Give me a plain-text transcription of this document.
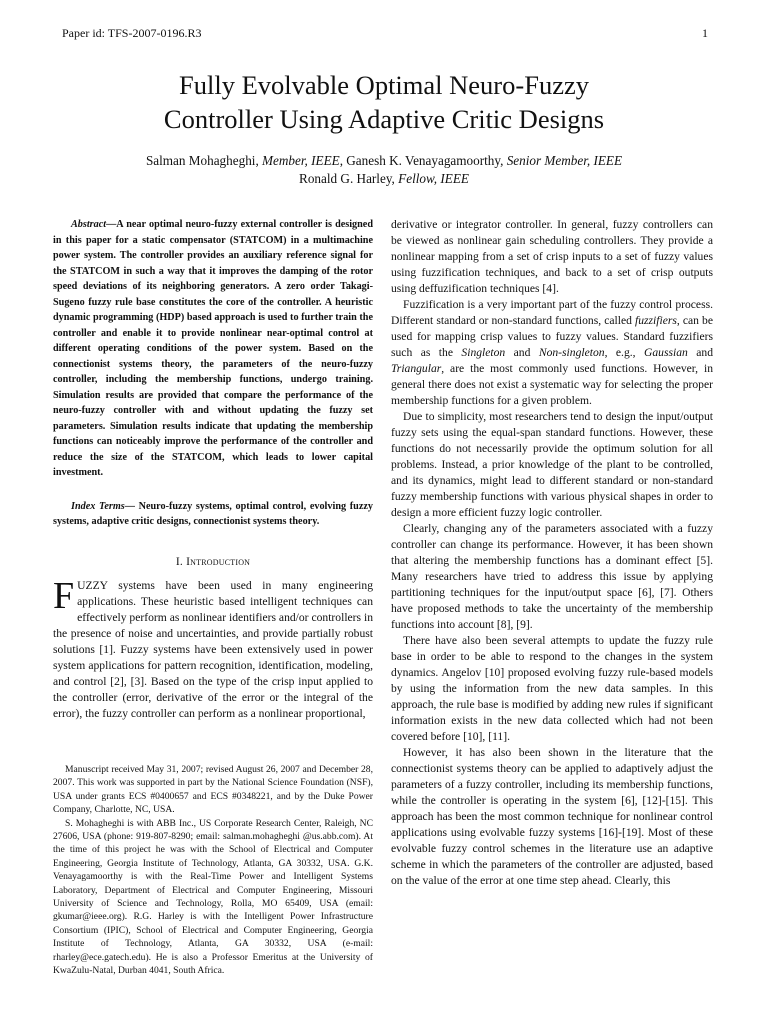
Paper id: TFS-2007-0196.R3	1
Fully Evolvable Optimal Neuro-Fuzzy
Controller Using Adaptive Critic Designs
Salman Mohagheghi, Member, IEEE, Ganesh K. Venayagamoorthy, Senior Member, IEEE
Ronald G. Harley, Fellow, IEEE

Abstract—A near optimal neuro-fuzzy external controller is designed in this paper for a static compensator (STATCOM) in a multimachine power system. The controller provides an auxiliary reference signal for the STATCOM in such a way that it improves the damping of the rotor speed deviations of its neighboring generators. A zero order Takagi-Sugeno fuzzy rule base constitutes the core of the controller. A heuristic dynamic programming (HDP) based approach is used to further train the controller and enable it to provide nonlinear near-optimal control at different operating conditions of the power system. Based on the connectionist systems theory, the parameters of the neuro-fuzzy controller, including the membership functions, undergo training. Simulation results are provided that compare the performance of the neuro-fuzzy controller with and without updating the fuzzy set parameters. Simulation results indicate that updating the membership functions can noticeably improve the performance of the controller and reduce the size of the STATCOM, which leads to lower capital investment.

Index Terms— Neuro-fuzzy systems, optimal control, evolving fuzzy systems, adaptive critic designs, connectionist systems theory.

I. Introduction

FUZZY systems have been used in many engineering applications. These heuristic based intelligent techniques can effectively perform as nonlinear identifiers and/or controllers in the presence of noise and uncertainties, and provide partially robust solutions [1]. Fuzzy systems have been extensively used in power system applications for pattern recognition, identification, modeling, and control [2], [3]. Based on the type of the crisp input applied to the controller (error, derivative of the error or the integral of the error), the fuzzy controller can perform as a nonlinear proportional,

Manuscript received May 31, 2007; revised August 26, 2007 and December 28, 2007. This work was supported in part by the National Science Foundation (NSF), USA under grants ECS #0400657 and ECS #0348221, and by the Duke Power Company, Charlotte, NC, USA.

S. Mohagheghi is with ABB Inc., US Corporate Research Center, Raleigh, NC 27606, USA (phone: 919-807-8290; email: salman.mohagheghi @us.abb.com). At the time of this project he was with the School of Electrical and Computer Engineering, Georgia Institute of Technology, Atlanta, GA 30332, USA. G.K. Venayagamoorthy is with the Real-Time Power and Intelligent Systems Laboratory, Department of Electrical and Computer Engineering, Missouri University of Science and Technology, Rolla, MO 65409, USA (email: gkumar@ieee.org). R.G. Harley is with the Intelligent Power Infrastructure Consortium (IPIC), School of Electrical and Computer Engineering, Georgia Institute of Technology, Atlanta, GA 30332, USA (e-mail: rharley@ece.gatech.edu). He is also a Professor Emeritus at the University of KwaZulu-Natal, Durban 4041, South Africa.

derivative or integrator controller. In general, fuzzy controllers can be viewed as nonlinear gain scheduling controllers. They provide a nonlinear mapping from a set of crisp inputs to a set of fuzzy values using fuzzification techniques, and back to a set of crisp outputs using deffuzification techniques [4].

Fuzzification is a very important part of the fuzzy control process. Different standard or non-standard functions, called fuzzifiers, can be used for mapping crisp values to fuzzy values. Standard fuzzifiers such as the Singleton and Non-singleton, e.g., Gaussian and Triangular, are the most commonly used functions. However, in general there does not exist a systematic way for selecting the proper membership functions for a given problem.

Due to simplicity, most researchers tend to design the input/output fuzzy sets using the equal-span standard functions. However, these functions do not necessarily provide the optimum solution for all problems. Instead, a prior knowledge of the plant to be controlled, and its dynamics, might lead to different standard or non-standard fuzzy membership functions with various physical shapes in order to design a more efficient fuzzy logic controller.

Clearly, changing any of the parameters associated with a fuzzy controller can change its performance. However, it has been shown that altering the membership functions has a dominant effect [5]. Many researchers have tried to address this issue by applying partitioning techniques for the input/output space [6], [7]. Others have proposed methods to take the uncertainty of the membership functions into account [8], [9].

There have also been several attempts to update the fuzzy rule base in order to be able to respond to the changes in the system dynamics. Angelov [10] proposed evolving fuzzy rule-based models by using the information from the new data samples. In this approach, the rule base is modified by adding new rules if significant information exists in the new data collected which had not been covered before [10], [11].

However, it has also been shown in the literature that the connectionist systems theory can be applied to adaptively adjust the parameters of a fuzzy controller, including its membership functions, while the controller is operating in the system [6], [12]-[15]. This approach has been the most common technique for nonlinear control applications using evolvable fuzzy systems [16]-[19]. Most of these evolvable fuzzy control schemes in the literature use an adaptive scheme in which the parameters of the controller are adjusted, based on the value of the error at one time step ahead. Clearly, this
